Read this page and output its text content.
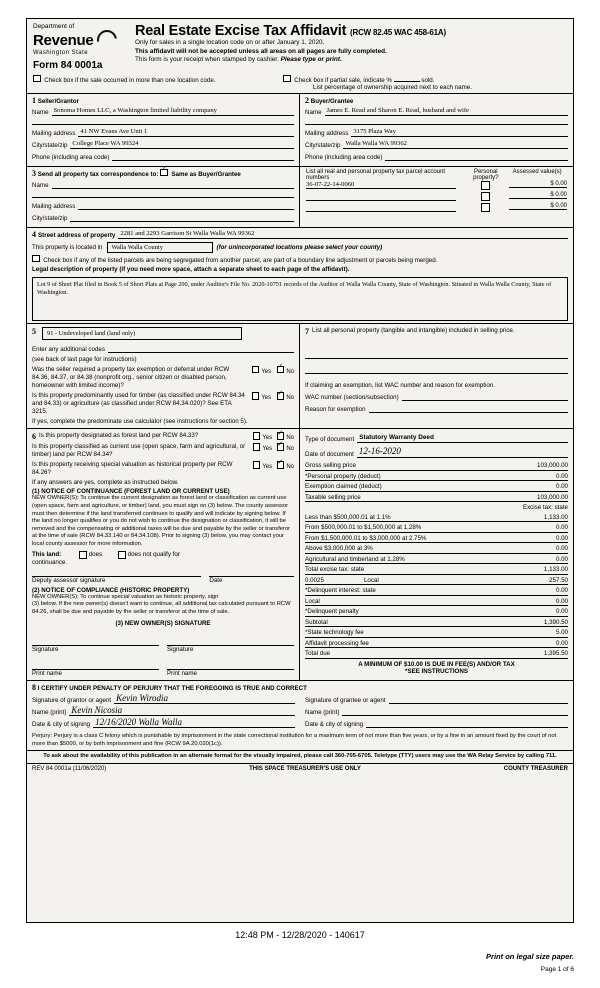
Department of
Revenue
Washington State
Form 84 0001a
Real Estate Excise Tax Affidavit (RCW 82.45 WAC 458-61A)
Only for sales in a single location code on or after January 1, 2020.
This affidavit will not be accepted unless all areas on all pages are fully completed.
This form is your receipt when stamped by cashier. Please type or print.
Check box if the sale occurred in more than one location code.	Check box if partial sale, indicate %	sold.
List percentage of ownership acquired next to each name.
1 Seller/Grantor
Name Sonoma Homes LLC, a Washington limited liability company
Mailing address 41 NW Evans Ave Unit 1
City/state/zip College Place WA 99324
Phone (including area code)
2 Buyer/Grantee
Name James E. Read and Sharon E. Read, husband and wife
Mailing address 3175 Plaza Way
City/state/zip Walla Walla WA 99362
Phone (including area code)
3 Send all property tax correspondence to: ✓ Same as Buyer/Grantee
Name
Mailing address
City/state/zip
List all real and personal property tax parcel account numbers	Personal property?	Assessed value(s)
36-07-22-14-0060		$ 0.00
		$ 0.00
		$ 0.00
4 Street address of property 2281 and 2293 Garrison St Walla Walla WA 99362
This property is located in	Walla Walla County	(for unincorporated locations please select your county)
Check box if any of the listed parcels are being segregated from another parcel, are part of a boundary line adjustment or parcels being merged.
Legal description of property (if you need more space, attach a separate sheet to each page of the affidavit).
Lot 9 of Short Plat filed in Book 5 of Short Plats at Page 200, under Auditor's File No. 2020-10751 records of the Auditor of Walla Walla County, State of Washington. Situated in Walla Walla County, State of Washington.
5	91 - Undeveloped land (land only)
Enter any additional codes
(see back of last page for instructions)
Was the seller required a property tax exemption or deferral under RCW 84.36, 84.37, or 84.38 (nonprofit org., senior citizen or disabled person, homeowner with limited income)?
Yes ✓	No
Is this property predominantly used for timber (as classified under RCW 84.34 and 84.33) or agriculture (as classified under RCW 84.34.020)? See ETA 3215.
Yes ✓	No
If yes, complete the predominate use calculator (see instructions for section 5).
7 List all personal property (tangible and intangible) included in selling price.
If claiming an exemption, list WAC number and reason for exemption.
WAC number (section/subsection)
Reason for exemption
6 Is this property designated as forest land per RCW 84.33?	Yes ✓ No
Is this property classified as current use (open space, farm and agricultural, or timber) land per RCW 84.34?
Yes ✓ No
Is this property receiving special valuation as historical property per RCW 84.26?
Yes ✓ No
If any answers are yes, complete as instructed below.
(1) NOTICE OF CONTINUANCE (FOREST LAND OR CURRENT USE)
NEW OWNER(S): To continue the current designation as forest land or classification as current use (open space, farm and agriculture, or timber) land, you must sign on (3) below. The county assessor must then determine if the land transferred continues to qualify and will indicate by signing below. If the land no longer qualifies or you do not wish to continue the designation or classification, it will be removed and the compensating or additional taxes will be due and payable by the seller or transferor at the time of sale (RCW 84.33.140 or 84.34.108). Prior to signing (3) below, you may contact your local county assessor for more information.
This land:	does	does not qualify for
continuance.
Deputy assessor signature	Date
(2) NOTICE OF COMPLIANCE (HISTORIC PROPERTY)
NEW OWNER(S): To continue special valuation as historic property, sign
(3) below. If the new owner(s) doesn't want to continue, all additional tax calculated pursuant to RCW 84.26, shall be due and payable by the seller or transferor at the time of sale.
(3) NEW OWNER(S) SIGNATURE
Signature	Signature
Print name	Print name
Type of document Statutory Warranty Deed
Date of document 12-16-2020
Gross selling price	103,000.00
*Personal property (deduct)	0.00
Exemption claimed (deduct)	0.00
Taxable selling price	103,000.00
Excise tax: state
Less than $500,000.01 at 1.1%	1,133.00
From $500,000.01 to $1,500,000 at 1.28%	0.00
From $1,500,000.01 to $3,000,000 at 2.75%	0.00
Above $3,000,000 at 3%	0.00
Agricultural and timberland at 1.28%	0.00
Total excise tax: state	1,133.00
0.0025	Local	257.50
*Delinquent interest: state	0.00
Local	0.00
*Delinquent penalty	0.00
Subtotal	1,390.50
*State technology fee	5.00
Affidavit processing fee	0.00
Total due	1,395.50
A MINIMUM OF $10.00 IS DUE IN FEE(S) AND/OR TAX
*SEE INSTRUCTIONS
8 I CERTIFY UNDER PENALTY OF PERJURY THAT THE FOREGOING IS TRUE AND CORRECT
Signature of grantor or agent Kevin Wirodia
Name (print) Kevin Nicosia
Date & city of signing 12/16/2020 Walla Walla
Signature of grantee or agent
Name (print)
Date & city of signing
Perjury: Perjury is a class C felony which is punishable by imprisonment in the state correctional institution for a maximum term of not more than five years, or by a fine in an amount fixed by the court of not more than $5000, or by both imprisonment and fine (RCW 9A.20.020(1c)).
To ask about the availability of this publication in an alternate format for the visually impaired, please call 360-705-6705. Teletype (TTY) users may use the WA Relay Service by calling 711.
REV 84 0001a (11/06/2020)	THIS SPACE TREASURER'S USE ONLY	COUNTY TREASURER
12:48 PM - 12/28/2020 - 140617
Print on legal size paper.
Page 1 of 6
